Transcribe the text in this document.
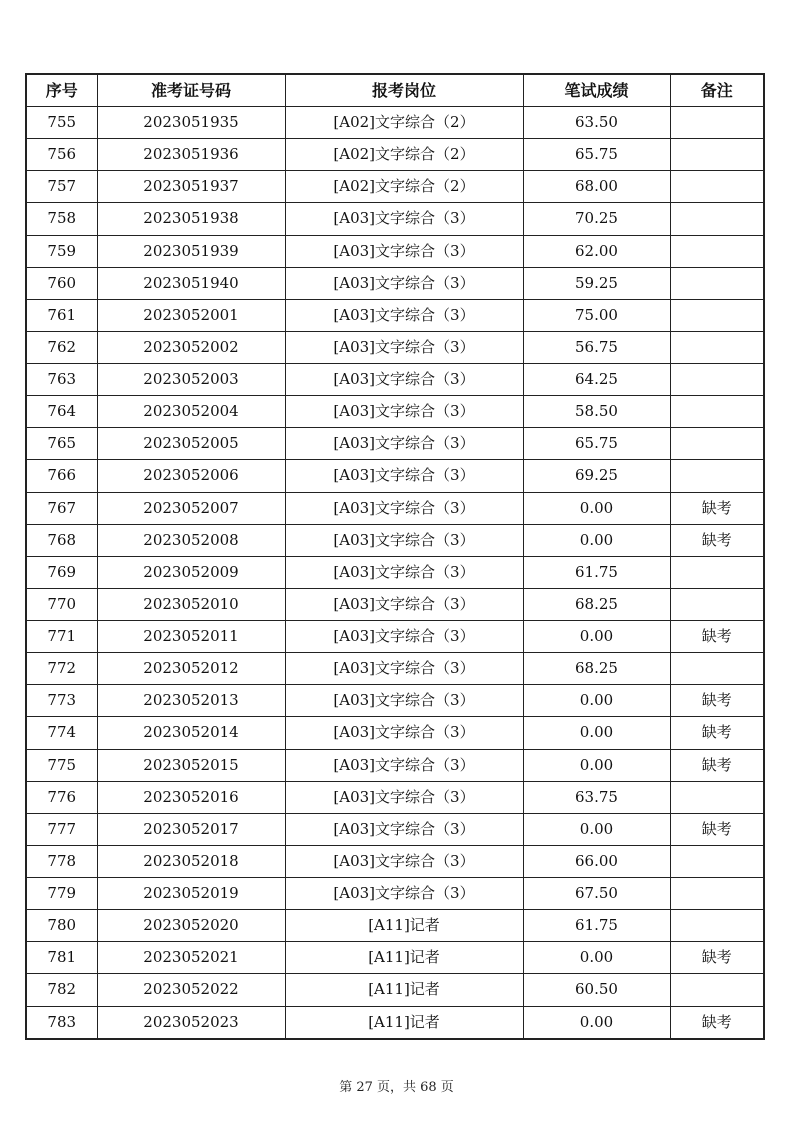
序号	准考证号码	报考岗位	笔试成绩	备注
755	2023051935	[A02]文字综合（2）	63.50	
756	2023051936	[A02]文字综合（2）	65.75	
757	2023051937	[A02]文字综合（2）	68.00	
758	2023051938	[A03]文字综合（3）	70.25	
759	2023051939	[A03]文字综合（3）	62.00	
760	2023051940	[A03]文字综合（3）	59.25	
761	2023052001	[A03]文字综合（3）	75.00	
762	2023052002	[A03]文字综合（3）	56.75	
763	2023052003	[A03]文字综合（3）	64.25	
764	2023052004	[A03]文字综合（3）	58.50	
765	2023052005	[A03]文字综合（3）	65.75	
766	2023052006	[A03]文字综合（3）	69.25	
767	2023052007	[A03]文字综合（3）	0.00	缺考
768	2023052008	[A03]文字综合（3）	0.00	缺考
769	2023052009	[A03]文字综合（3）	61.75	
770	2023052010	[A03]文字综合（3）	68.25	
771	2023052011	[A03]文字综合（3）	0.00	缺考
772	2023052012	[A03]文字综合（3）	68.25	
773	2023052013	[A03]文字综合（3）	0.00	缺考
774	2023052014	[A03]文字综合（3）	0.00	缺考
775	2023052015	[A03]文字综合（3）	0.00	缺考
776	2023052016	[A03]文字综合（3）	63.75	
777	2023052017	[A03]文字综合（3）	0.00	缺考
778	2023052018	[A03]文字综合（3）	66.00	
779	2023052019	[A03]文字综合（3）	67.50	
780	2023052020	[A11]记者	61.75	
781	2023052021	[A11]记者	0.00	缺考
782	2023052022	[A11]记者	60.50	
783	2023052023	[A11]记者	0.00	缺考
第 27 页，共 68 页
